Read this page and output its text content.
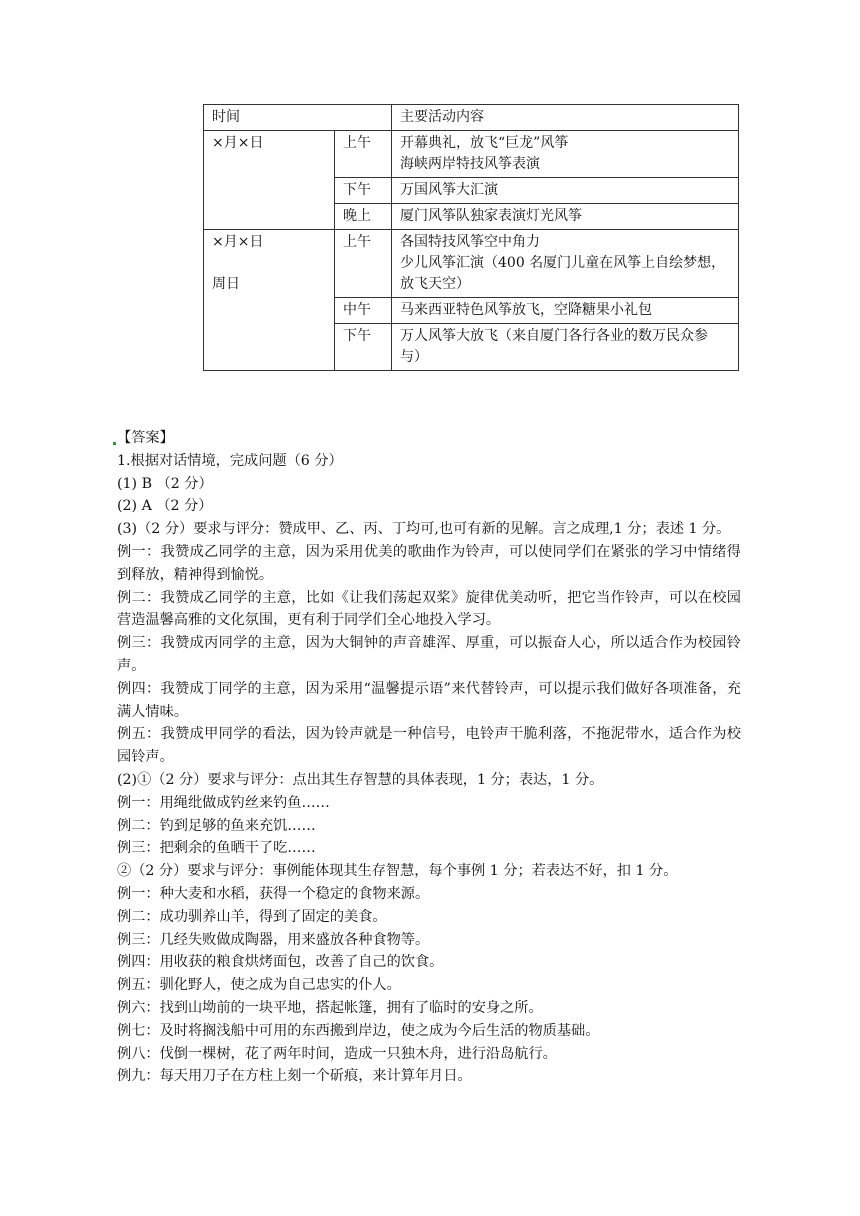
时间		主要活动内容

×月×日	上午	开幕典礼，放飞“巨龙”风筝
海峡两岸特技风筝表演

	下午	万国风筝大汇演

	晚上	厦门风筝队独家表演灯光风筝

×月×日
周日	上午	各国特技风筝空中角力
少儿风筝汇演（400 名厦门儿童在风筝上自绘梦想，
放飞天空）

	中午	马来西亚特色风筝放飞，空降糖果小礼包

	下午	万人风筝大放飞（来自厦门各行各业的数万民众参
与）

【答案】

1.根据对话情境，完成问题（6 分）

(1) B （2 分）

(2) A （2 分）

(3)（2 分）要求与评分：赞成甲、乙、丙、丁均可,也可有新的见解。言之成理,1 分；表述 1 分。

例一：我赞成乙同学的主意，因为采用优美的歌曲作为铃声，可以使同学们在紧张的学习中情绪得到释放，精神得到愉悦。

例二：我赞成乙同学的主意，比如《让我们荡起双桨》旋律优美动听，把它当作铃声，可以在校园营造温馨高雅的文化氛围，更有利于同学们全心地投入学习。

例三：我赞成丙同学的主意，因为大铜钟的声音雄浑、厚重，可以振奋人心，所以适合作为校园铃声。

例四：我赞成丁同学的主意，因为采用“温馨提示语”来代替铃声，可以提示我们做好各项准备，充满人情味。

例五：我赞成甲同学的看法，因为铃声就是一种信号，电铃声干脆利落，不拖泥带水，适合作为校园铃声。

(2)①（2 分）要求与评分：点出其生存智慧的具体表现，1 分；表达，1 分。

例一：用绳纰做成钓丝来钓鱼……

例二：钓到足够的鱼来充饥……

例三：把剩余的鱼晒干了吃……

②（2 分）要求与评分：事例能体现其生存智慧，每个事例 1 分；若表达不好，扣 1 分。

例一：种大麦和水稻，获得一个稳定的食物来源。

例二：成功驯养山羊，得到了固定的美食。

例三：几经失败做成陶器，用来盛放各种食物等。

例四：用收获的粮食烘烤面包，改善了自己的饮食。

例五：驯化野人，使之成为自己忠实的仆人。

例六：找到山坳前的一块平地，搭起帐篷，拥有了临时的安身之所。

例七：及时将搁浅船中可用的东西搬到岸边，使之成为今后生活的物质基础。

例八：伐倒一棵树，花了两年时间，造成一只独木舟，进行沿岛航行。

例九：每天用刀子在方柱上刻一个斫痕，来计算年月日。
